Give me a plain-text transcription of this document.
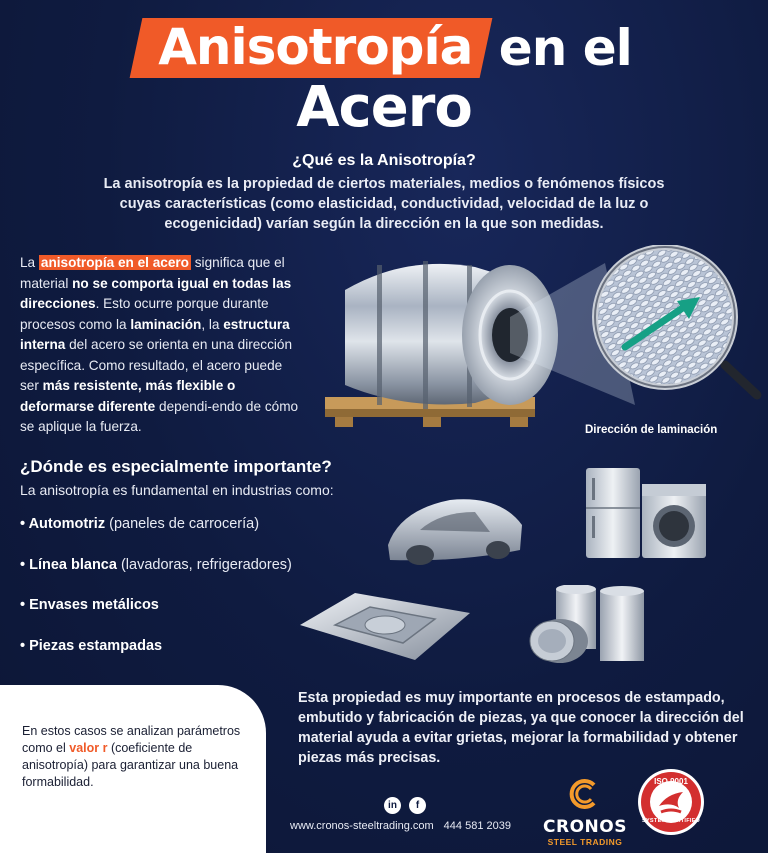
Anisotropía en el
Acero
¿Qué es la Anisotropía?
La anisotropía es la propiedad de ciertos materiales, medios o fenómenos físicos cuyas características (como elasticidad, conductividad, velocidad de la luz o ecogenicidad) varían según la dirección en la que son medidas.
La anisotropía en el acero significa que el material no se comporta igual en todas las direcciones. Esto ocurre porque durante procesos como la laminación, la estructura interna del acero se orienta en una dirección específica. Como resultado, el acero puede ser más resistente, más flexible o deformarse diferente dependi-endo de cómo se aplique la fuerza.	Dirección de laminación
¿Dónde es especialmente importante?
La anisotropía es fundamental en industrias como:
• Automotriz (paneles de carrocería)
• Línea blanca (lavadoras, refrigeradores)
• Envases metálicos
• Piezas estampadas
En estos casos se analizan parámetros como el valor r (coeficiente de anisotropía) para garantizar una buena formabilidad.
Esta propiedad es muy importante en procesos de estampado, embutido y fabricación de piezas, ya que conocer la dirección del material ayuda a evitar grietas, mejorar la formabilidad y obtener piezas más precisas.
in	f
www.cronos-steeltrading.com 444 581 2039 CRONOS
STEEL TRADING
ISO 9001
SYSTEM CERTIFIED
